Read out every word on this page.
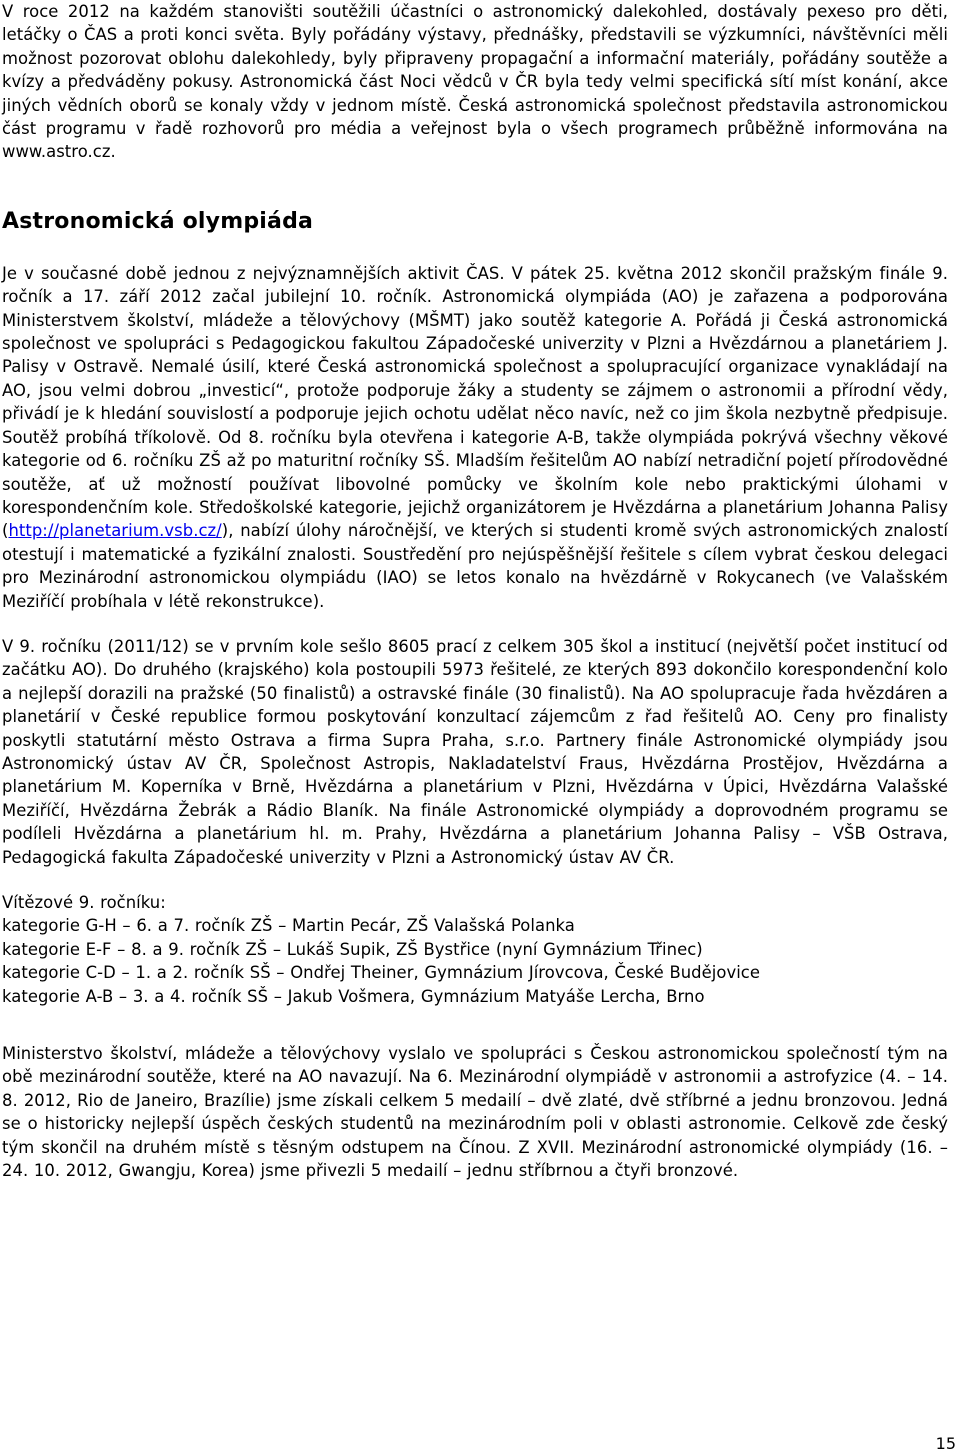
V roce 2012 na každém stanovišti soutěžili účastníci o astronomický dalekohled, dostávaly pexeso pro děti, letáčky o ČAS a proti konci světa. Byly pořádány výstavy, přednášky, představili se výzkumníci, návštěvníci měli možnost pozorovat oblohu dalekohledy, byly připraveny propagační a informační materiály, pořádány soutěže a kvízy a předváděny pokusy. Astronomická část Noci vědců v ČR byla tedy velmi specifická sítí míst konání, akce jiných vědních oborů se konaly vždy v jednom místě. Česká astronomická společnost představila astronomickou část programu v řadě rozhovorů pro média a veřejnost byla o všech programech průběžně informována na www.astro.cz.

Astronomická olympiáda

Je v současné době jednou z nejvýznamnějších aktivit ČAS. V pátek 25. května 2012 skončil pražským finále 9. ročník a 17. září 2012 začal jubilejní 10. ročník. Astronomická olympiáda (AO) je zařazena a podporována Ministerstvem školství, mládeže a tělovýchovy (MŠMT) jako soutěž kategorie A. Pořádá ji Česká astronomická společnost ve spolupráci s Pedagogickou fakultou Západočeské univerzity v Plzni a Hvězdárnou a planetáriem J. Palisy v Ostravě. Nemalé úsilí, které Česká astronomická společnost a spolupracující organizace vynakládají na AO, jsou velmi dobrou „investicí“, protože podporuje žáky a studenty se zájmem o astronomii a přírodní vědy, přivádí je k hledání souvislostí a podporuje jejich ochotu udělat něco navíc, než co jim škola nezbytně předpisuje. Soutěž probíhá tříkolově. Od 8. ročníku byla otevřena i kategorie A-B, takže olympiáda pokrývá všechny věkové kategorie od 6. ročníku ZŠ až po maturitní ročníky SŠ. Mladším řešitelům AO nabízí netradiční pojetí přírodovědné soutěže, ať už možností používat libovolné pomůcky ve školním kole nebo praktickými úlohami v korespondenčním kole. Středoškolské kategorie, jejichž organizátorem je Hvězdárna a planetárium Johanna Palisy (http://planetarium.vsb.cz/), nabízí úlohy náročnější, ve kterých si studenti kromě svých astronomických znalostí otestují i matematické a fyzikální znalosti. Soustředění pro nejúspěšnější řešitele s cílem vybrat českou delegaci pro Mezinárodní astronomickou olympiádu (IAO) se letos konalo na hvězdárně v Rokycanech (ve Valašském Meziříčí probíhala v létě rekonstrukce).

V 9. ročníku (2011/12) se v prvním kole sešlo 8605 prací z celkem 305 škol a institucí (největší počet institucí od začátku AO). Do druhého (krajského) kola postoupili 5973 řešitelé, ze kterých 893 dokončilo korespondenční kolo a nejlepší dorazili na pražské (50 finalistů) a ostravské finále (30 finalistů). Na AO spolupracuje řada hvězdáren a planetárií v České republice formou poskytování konzultací zájemcům z řad řešitelů AO. Ceny pro finalisty poskytli statutární město Ostrava a firma Supra Praha, s.r.o. Partnery finále Astronomické olympiády jsou Astronomický ústav AV ČR, Společnost Astropis, Nakladatelství Fraus, Hvězdárna Prostějov, Hvězdárna a planetárium M. Koperníka v Brně, Hvězdárna a planetárium v Plzni, Hvězdárna v Úpici, Hvězdárna Valašské Meziříčí, Hvězdárna Žebrák a Rádio Blaník. Na finále Astronomické olympiády a doprovodném programu se podíleli Hvězdárna a planetárium hl. m. Prahy, Hvězdárna a planetárium Johanna Palisy – VŠB Ostrava, Pedagogická fakulta Západočeské univerzity v Plzni a Astronomický ústav AV ČR.

Vítězové 9. ročníku:

kategorie G-H – 6. a 7. ročník ZŠ – Martin Pecár, ZŠ Valašská Polanka

kategorie E-F – 8. a 9. ročník ZŠ – Lukáš Supik, ZŠ Bystřice (nyní Gymnázium Třinec)

kategorie C-D – 1. a 2. ročník SŠ – Ondřej Theiner, Gymnázium Jírovcova, České Budějovice

kategorie A-B – 3. a 4. ročník SŠ – Jakub Vošmera, Gymnázium Matyáše Lercha, Brno

Ministerstvo školství, mládeže a tělovýchovy vyslalo ve spolupráci s Českou astronomickou společností tým na obě mezinárodní soutěže, které na AO navazují. Na 6. Mezinárodní olympiádě v astronomii a astrofyzice (4. – 14. 8. 2012, Rio de Janeiro, Brazílie) jsme získali celkem 5 medailí – dvě zlaté, dvě stříbrné a jednu bronzovou. Jedná se o historicky nejlepší úspěch českých studentů na mezinárodním poli v oblasti astronomie. Celkově zde český tým skončil na druhém místě s těsným odstupem na Čínou. Z XVII. Mezinárodní astronomické olympiády (16. – 24. 10. 2012, Gwangju, Korea) jsme přivezli 5 medailí – jednu stříbrnou a čtyři bronzové.

15
